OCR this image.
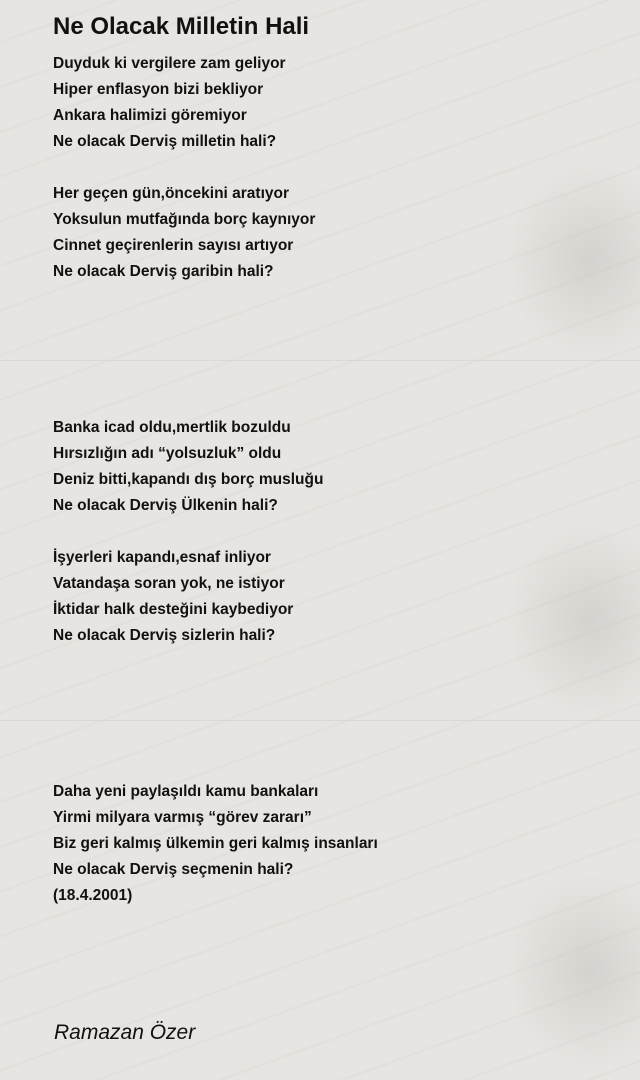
Ne Olacak Milletin Hali
Duyduk ki vergilere zam geliyor
Hiper enflasyon bizi bekliyor
Ankara halimizi göremiyor
Ne olacak Derviş milletin hali?
Her geçen gün,öncekini aratıyor
Yoksulun mutfağında borç kaynıyor
Cinnet geçirenlerin sayısı artıyor
Ne olacak Derviş garibin hali?
Banka icad oldu,mertlik bozuldu
Hırsızlığın adı “yolsuzluk” oldu
Deniz bitti,kapandı dış borç musluğu
Ne olacak Derviş Ülkenin hali?
İşyerleri kapandı,esnaf inliyor
Vatandaşa soran yok, ne istiyor
İktidar halk desteğini kaybediyor
Ne olacak Derviş sizlerin hali?
Daha yeni paylaşıldı kamu bankaları
Yirmi milyara varmış “görev zararı”
Biz geri kalmış ülkemin geri kalmış insanları
Ne olacak Derviş seçmenin hali?
(18.4.2001)
Ramazan Özer
